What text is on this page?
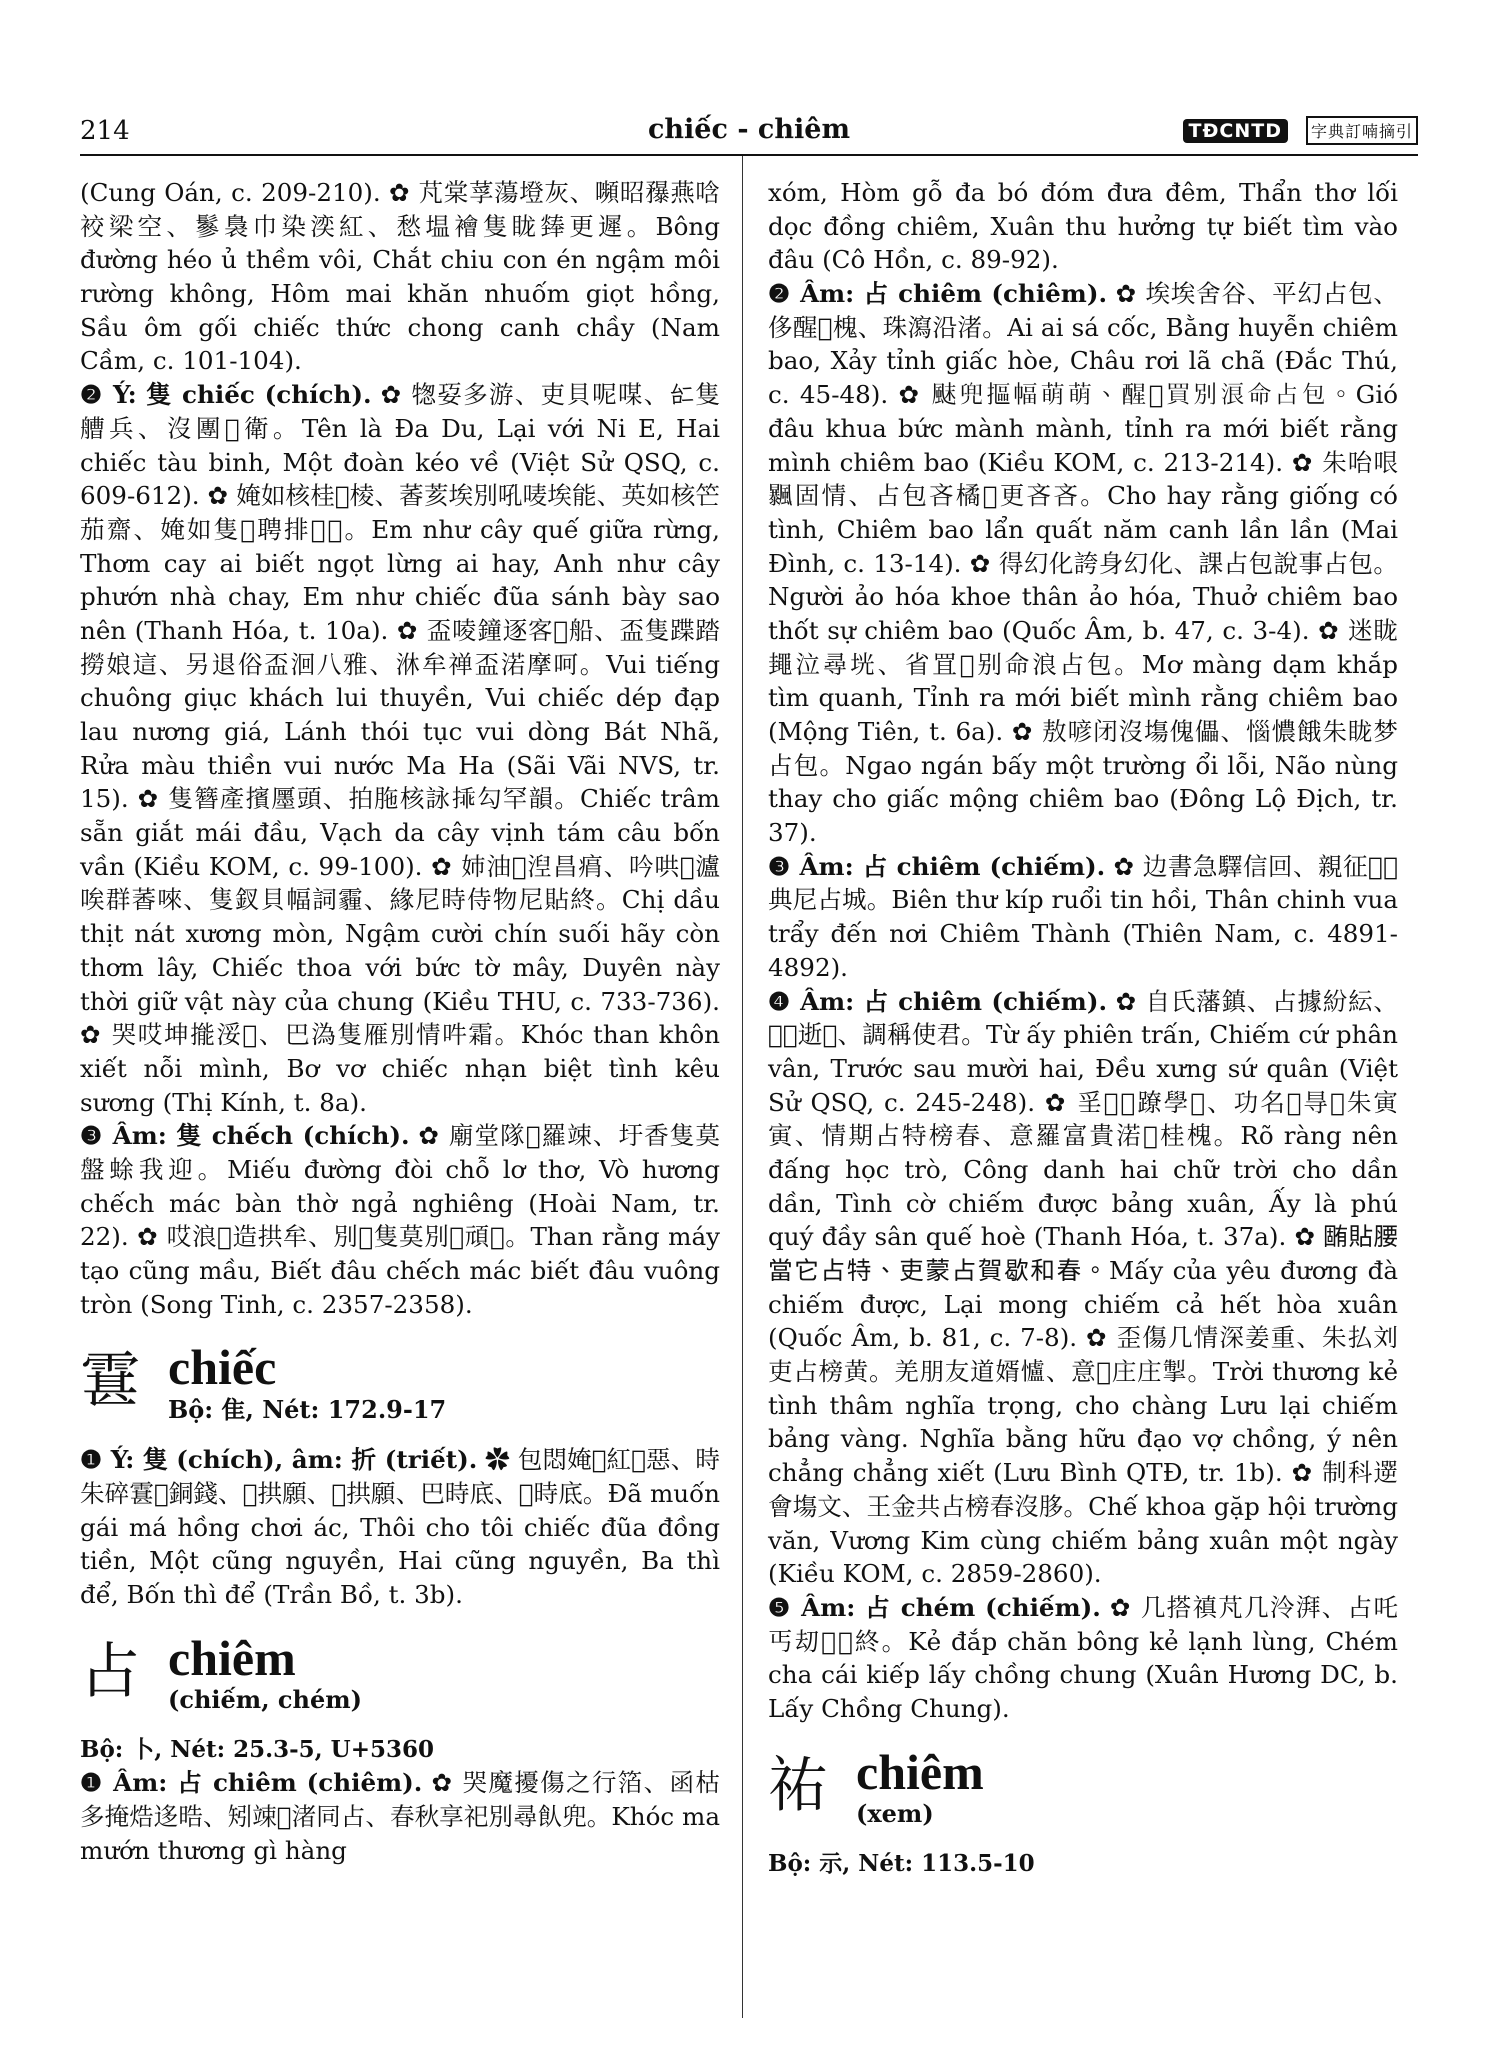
214	chiếc - chiêm	TĐCNTD	字典訂喃摘引

(Cung Oán, c. 209-210). ✿ 芃棠莩蕩墱灰、嚬昭䂍燕唅䘨梁空、鬖裊巾染湙紅、愁塭襘隻眬㷯更遲。Bông đường héo ủ thềm vôi, Chắt chiu con én ngậm môi rường không, Hôm mai khăn nhuốm giọt hồng, Sầu ôm gối chiếc thức chong canh chầy (Nam Cầm, c. 101-104).

❷ Ý: 隻 chiếc (chích). ✿ 㹅㚽多游、吏貝呢㖼、𠄩隻艚兵、沒團𢬣衛。Tên là Đa Du, Lại với Ni E, Hai chiếc tàu binh, Một đoàn kéo về (Việt Sử QSQ, c. 609-612). ✿ 㛪如核桂𦣰棱、萫荄埃別吼唛埃能、英如核笀茄齋、㛪如隻𩌂聘排𢩾𨪝。Em như cây quế giữa rừng, Thơm cay ai biết ngọt lừng ai hay, Anh như cây phướn nhà chay, Em như chiếc đũa sánh bày sao nên (Thanh Hóa, t. 10a). ✿ 盃㖫鐘逐客𨀈船、盃隻蹀踏撈娘這、另退俗盃洄八雅、㳜牟禅盃渃摩呵。Vui tiếng chuông giục khách lui thuyền, Vui chiếc dép đạp lau nương giá, Lánh thói tục vui dòng Bát Nhã, Rửa màu thiền vui nước Ma Ha (Sãi Vãi NVS, tr. 15). ✿ 隻簪產擯㕓頭、拍胣核詠𢮿勾罕韻。Chiếc trâm sẵn giắt mái đầu, Vạch da cây vịnh tám câu bốn vần (Kiều KOM, c. 99-100). ✿ 姉油𦛌湼昌㾓、吟哄𢗼瀘唉群萫唻、隻釵貝幅詞霾、緣尼時侍物尼貼終。Chị dầu thịt nát xương mòn, Ngậm cười chín suối hãy còn thơm lây, Chiếc thoa với bức tờ mây, Duyên này thời giữ vật này của chung (Kiều THU, c. 733-736). ✿ 哭哎坤㨢浽𨉓、巴溈隻雁別情吽霜。Khóc than khôn xiết nỗi mình, Bơ vơ chiếc nhạn biệt tình kêu sương (Thị Kính, t. 8a).

❸ Âm: 隻 chếch (chích). ✿ 廟堂隊𡓁羅竦、圩香隻莫盤蜍我迎。Miếu đường đòi chỗ lơ thơ, Vò hương chếch mác bàn thờ ngả nghiêng (Hoài Nam, tr. 22). ✿ 哎浪𣞪造拱牟、別𦋦隻莫別𦋦頑𩨪。Than rằng máy tạo cũng mầu, Biết đâu chếch mác biết đâu vuông tròn (Song Tinh, c. 2357-2358).

䨢 chiếc
Bộ: 隹, Nét: 172.9-17

❶ Ý: 隻 (chích), âm: 折 (triết). ✿ 包悶㛪𢬣紅𨔈惡、時朱碎䨢𩌂銅錢、𠬠拱願、𠄩拱願、巴時底、𦊚時底。Đã muốn gái má hồng chơi ác, Thôi cho tôi chiếc đũa đồng tiền, Một cũng nguyền, Hai cũng nguyền, Ba thì để, Bốn thì để (Trần Bồ, t. 3b).

占 chiêm
(chiếm, chém)

Bộ: 卜, Nét: 25.3-5, U+5360

❶ Âm: 占 chiêm (chiêm). ✿ 哭魔擾傷之行箔、函枯多掩焅迻晧、矧竦𨇒渚同占、春秋享祀別尋飤兜。Khóc ma mướn thương gì hàng

xóm, Hòm gỗ đa bó đóm đưa đêm, Thẩn thơ lối dọc đồng chiêm, Xuân thu hưởng tự biết tìm vào đâu (Cô Hồn, c. 89-92).

❷ Âm: 占 chiêm (chiêm). ✿ 埃埃舍谷、平幻占包、侈醒𣉹槐、珠瀉沿渚。Ai ai sá cốc, Bằng huyễn chiêm bao, Xảy tỉnh giấc hòe, Châu rơi lã chã (Đắc Thú, c. 45-48). ✿ 𩗂兜摳幅萌萌、醒𦋦買別浪命占包。Gió đâu khua bức mành mành, tỉnh ra mới biết rằng mình chiêm bao (Kiều KOM, c. 213-214). ✿ 朱咍哏𩙕固情、占包吝橘𩯬更吝吝。Cho hay rằng giống có tình, Chiêm bao lẩn quất năm canh lần lần (Mai Đình, c. 13-14). ✿ 得幻化誇身幻化、課占包說事占包。Người ảo hóa khoe thân ảo hóa, Thuở chiêm bao thốt sự chiêm bao (Quốc Âm, b. 47, c. 3-4). ✿ 迷眬䵷泣尋垙、省罝󰊐别命浪占包。Mơ màng dạm khắp tìm quanh, Tỉnh ra mới biết mình rằng chiêm bao (Mộng Tiên, t. 6a). ✿ 敖喭闭沒塲傀儡、惱憹餓朱眬梦占包。Ngao ngán bấy một trường ổi lỗi, Não nùng thay cho giấc mộng chiêm bao (Đông Lộ Địch, tr. 37).

❸ Âm: 占 chiêm (chiếm). ✿ 边書急驛信回、親征𢃊𨀈典尼占城。Biên thư kíp ruổi tin hồi, Thân chinh vua trẩy đến nơi Chiêm Thành (Thiên Nam, c. 4891-4892).

❹ Âm: 占 chiêm (chiếm). ✿ 自氏藩鎮、占據紛紜、𢾿𩂐逝𠄩、調稱使君。Từ ấy phiên trấn, Chiếm cứ phân vân, Trước sau mười hai, Đều xưng sứ quân (Việt Sử QSQ, c. 245-248). ✿ 㸒𤉗𨪝蹽學𠊛、功名𠄩㝵𨖲朱寅寅、情期占特榜春、意羅富貴渃𡑝桂槐。Rõ ràng nên đấng học trò, Công danh hai chữ trời cho dần dần, Tình cờ chiếm được bảng xuân, Ấy là phú quý đầy sân quế hoè (Thanh Hóa, t. 37a). ✿ 𣎏貼腰當它占特、吏蒙占賀歇和春。Mấy của yêu đương đà chiếm được, Lại mong chiếm cả hết hòa xuân (Quốc Âm, b. 81, c. 7-8). ✿ 歪傷几情深姜重、朱払刘吏占榜黄。羌朋友道婿𢥈、意𨪝庄庄掣。Trời thương kẻ tình thâm nghĩa trọng, cho chàng Lưu lại chiếm bảng vàng. Nghĩa bằng hữu đạo vợ chồng, ý nên chẳng chẳng xiết (Lưu Bình QTĐ, tr. 1b). ✿ 制科遻會塲文、王金共占榜春沒䏧。Chế khoa gặp hội trường văn, Vương Kim cùng chiếm bảng xuân một ngày (Kiều KOM, c. 2859-2860).

❺ Âm: 占 chém (chiếm). ✿ 几搭禛芃几泠湃、占吒丐刧𥙩𢥈終。Kẻ đắp chăn bông kẻ lạnh lùng, Chém cha cái kiếp lấy chồng chung (Xuân Hương DC, b. Lấy Chồng Chung).

祐 chiêm
(xem)

Bộ: 示, Nét: 113.5-10
